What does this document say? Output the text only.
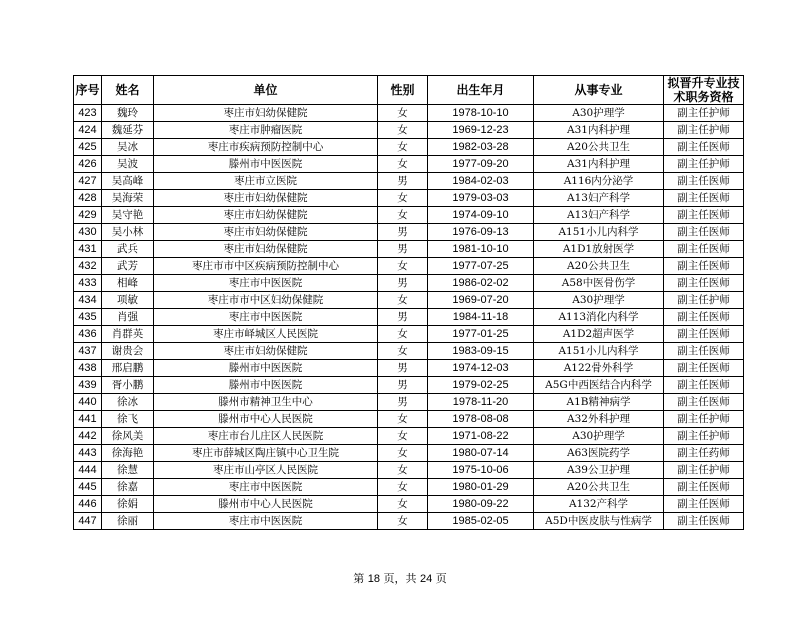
序号	姓名	单位	性别	出生年月	从事专业	拟晋升专业技术职务资格
423	魏玲	枣庄市妇幼保健院	女	1978-10-10	A30护理学	副主任护师
424	魏延芬	枣庄市肿瘤医院	女	1969-12-23	A31内科护理	副主任护师
425	吴冰	枣庄市疾病预防控制中心	女	1982-03-28	A20公共卫生	副主任医师
426	吴波	滕州市中医医院	女	1977-09-20	A31内科护理	副主任护师
427	吴高峰	枣庄市立医院	男	1984-02-03	A116内分泌学	副主任医师
428	吴海荣	枣庄市妇幼保健院	女	1979-03-03	A13妇产科学	副主任医师
429	吴守艳	枣庄市妇幼保健院	女	1974-09-10	A13妇产科学	副主任医师
430	吴小林	枣庄市妇幼保健院	男	1976-09-13	A151小儿内科学	副主任医师
431	武兵	枣庄市妇幼保健院	男	1981-10-10	A1D1放射医学	副主任医师
432	武芳	枣庄市市中区疾病预防控制中心	女	1977-07-25	A20公共卫生	副主任医师
433	相峰	枣庄市中医医院	男	1986-02-02	A58中医骨伤学	副主任医师
434	项敏	枣庄市市中区妇幼保健院	女	1969-07-20	A30护理学	副主任护师
435	肖强	枣庄市中医医院	男	1984-11-18	A113消化内科学	副主任医师
436	肖群英	枣庄市峄城区人民医院	女	1977-01-25	A1D2超声医学	副主任医师
437	谢贵会	枣庄市妇幼保健院	女	1983-09-15	A151小儿内科学	副主任医师
438	邢启鹏	滕州市中医医院	男	1974-12-03	A122骨外科学	副主任医师
439	胥小鹏	滕州市中医医院	男	1979-02-25	A5G中西医结合内科学	副主任医师
440	徐冰	滕州市精神卫生中心	男	1978-11-20	A1B精神病学	副主任医师
441	徐飞	滕州市中心人民医院	女	1978-08-08	A32外科护理	副主任护师
442	徐风美	枣庄市台儿庄区人民医院	女	1971-08-22	A30护理学	副主任护师
443	徐海艳	枣庄市薛城区陶庄镇中心卫生院	女	1980-07-14	A63医院药学	副主任药师
444	徐慧	枣庄市山亭区人民医院	女	1975-10-06	A39公卫护理	副主任护师
445	徐嘉	枣庄市中医医院	女	1980-01-29	A20公共卫生	副主任医师
446	徐娟	滕州市中心人民医院	女	1980-09-22	A132产科学	副主任医师
447	徐丽	枣庄市中医医院	女	1985-02-05	A5D中医皮肤与性病学	副主任医师
第 18 页，共 24 页
